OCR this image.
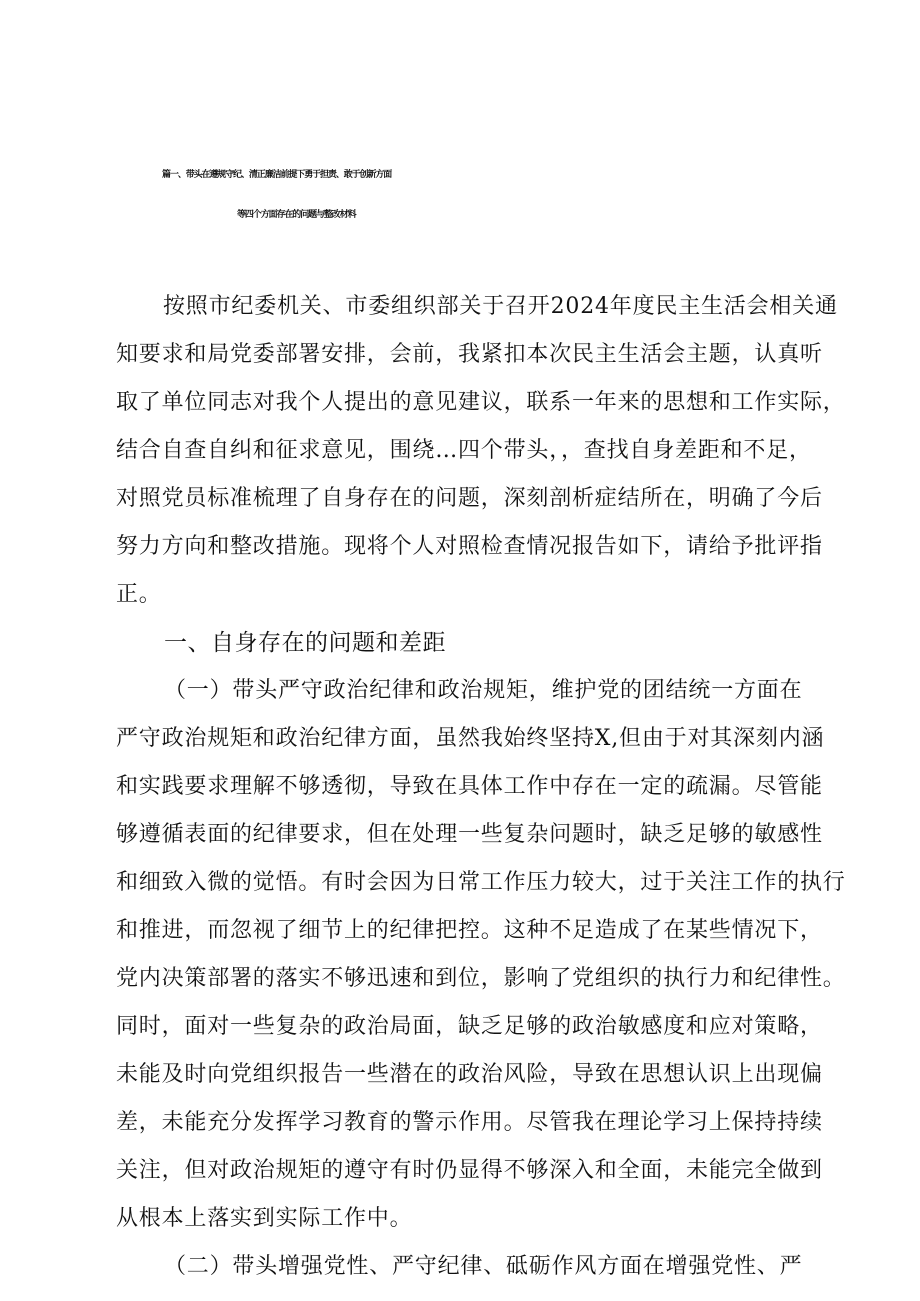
篇一、带头在遵规守纪、清正廉洁前提下勇于担责、敢于创新方面
等四个方面存在的问题与整改材料
按照市纪委机关、市委组织部关于召开2024年度民主生活会相关通
知要求和局党委部署安排，会前，我紧扣本次民主生活会主题，认真听
取了单位同志对我个人提出的意见建议，联系一年来的思想和工作实际，
结合自查自纠和征求意见，围绕…四个带头，，查找自身差距和不足，
对照党员标准梳理了自身存在的问题，深刻剖析症结所在，明确了今后
努力方向和整改措施。现将个人对照检查情况报告如下，请给予批评指
正。
一、自身存在的问题和差距
（一）带头严守政治纪律和政治规矩，维护党的团结统一方面在
严守政治规矩和政治纪律方面，虽然我始终坚持X,但由于对其深刻内涵
和实践要求理解不够透彻，导致在具体工作中存在一定的疏漏。尽管能
够遵循表面的纪律要求，但在处理一些复杂问题时，缺乏足够的敏感性
和细致入微的觉悟。有时会因为日常工作压力较大，过于关注工作的执行
和推进，而忽视了细节上的纪律把控。这种不足造成了在某些情况下，
党内决策部署的落实不够迅速和到位，影响了党组织的执行力和纪律性。
同时，面对一些复杂的政治局面，缺乏足够的政治敏感度和应对策略，
未能及时向党组织报告一些潜在的政治风险，导致在思想认识上出现偏
差，未能充分发挥学习教育的警示作用。尽管我在理论学习上保持持续
关注，但对政治规矩的遵守有时仍显得不够深入和全面，未能完全做到
从根本上落实到实际工作中。
（二）带头增强党性、严守纪律、砥砺作风方面在增强党性、严
